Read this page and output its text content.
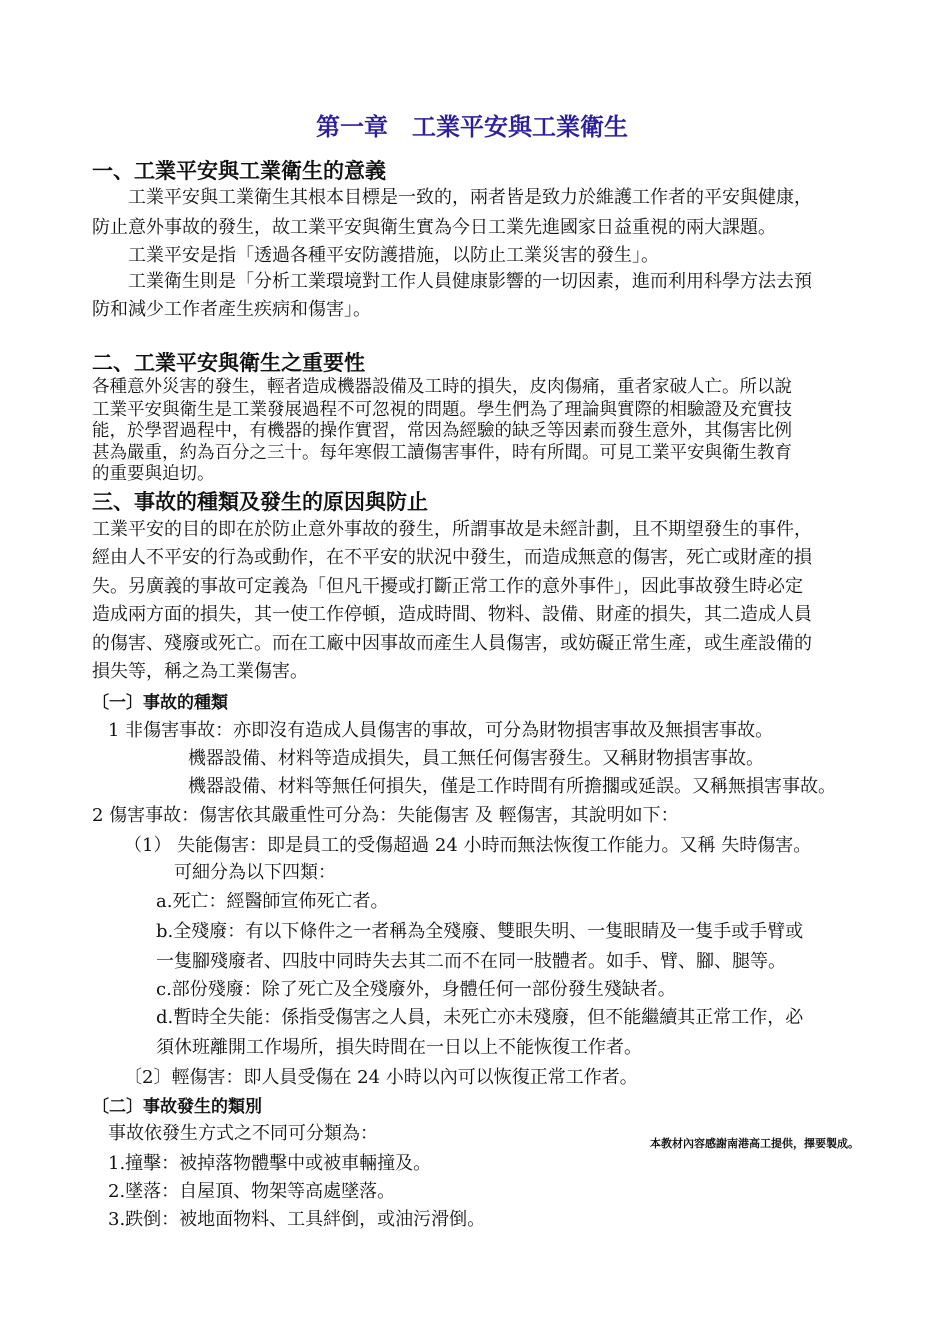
第一章　工業平安與工業衛生
一、工業平安與工業衛生的意義
工業平安與工業衛生其根本目標是一致的，兩者皆是致力於維護工作者的平安與健康，
防止意外事故的發生，故工業平安與衛生實為今日工業先進國家日益重視的兩大課題。
工業平安是指「透過各種平安防護措施，以防止工業災害的發生」。
工業衛生則是「分析工業環境對工作人員健康影響的一切因素，進而利用科學方法去預
防和減少工作者產生疾病和傷害」。
二、工業平安與衛生之重要性
各種意外災害的發生，輕者造成機器設備及工時的損失，皮肉傷痛，重者家破人亡。所以說
工業平安與衛生是工業發展過程不可忽視的問題。學生們為了理論與實際的相驗證及充實技
能，於學習過程中，有機器的操作實習，常因為經驗的缺乏等因素而發生意外，其傷害比例
甚為嚴重，約為百分之三十。每年寒假工讀傷害事件，時有所聞。可見工業平安與衛生教育
的重要與迫切。
三、事故的種類及發生的原因與防止
工業平安的目的即在於防止意外事故的發生，所謂事故是未經計劃，且不期望發生的事件，
經由人不平安的行為或動作，在不平安的狀況中發生，而造成無意的傷害，死亡或財產的損
失。另廣義的事故可定義為「但凡干擾或打斷正常工作的意外事件」，因此事故發生時必定
造成兩方面的損失，其一使工作停頓，造成時間、物料、設備、財產的損失，其二造成人員
的傷害、殘廢或死亡。而在工廠中因事故而產生人員傷害，或妨礙正常生產，或生產設備的
損失等，稱之為工業傷害。
〔一〕事故的種類
1 非傷害事故：亦即沒有造成人員傷害的事故，可分為財物損害事故及無損害事故。
機器設備、材料等造成損失，員工無任何傷害發生。又稱財物損害事故。
機器設備、材料等無任何損失，僅是工作時間有所擔擱或延誤。又稱無損害事故。
2 傷害事故：傷害依其嚴重性可分為：失能傷害 及 輕傷害，其說明如下：
（1） 失能傷害：即是員工的受傷超過 24 小時而無法恢復工作能力。又稱 失時傷害。
可細分為以下四類：
a.死亡：經醫師宣佈死亡者。
b.全殘廢：有以下條件之一者稱為全殘廢、雙眼失明、一隻眼睛及一隻手或手臂或
一隻腳殘廢者、四肢中同時失去其二而不在同一肢體者。如手、臂、腳、腿等。
c.部份殘廢：除了死亡及全殘廢外，身體任何一部份發生殘缺者。
d.暫時全失能：係指受傷害之人員，未死亡亦未殘廢，但不能繼續其正常工作，必
須休班離開工作場所，損失時間在一日以上不能恢復工作者。
〔2〕輕傷害：即人員受傷在 24 小時以內可以恢復正常工作者。
〔二〕事故發生的類別
事故依發生方式之不同可分類為：
1.撞擊：被掉落物體擊中或被車輛撞及。
2.墜落：自屋頂、物架等高處墜落。
3.跌倒：被地面物料、工具絆倒，或油污滑倒。
本教材內容感謝南港高工提供，擇要製成。
